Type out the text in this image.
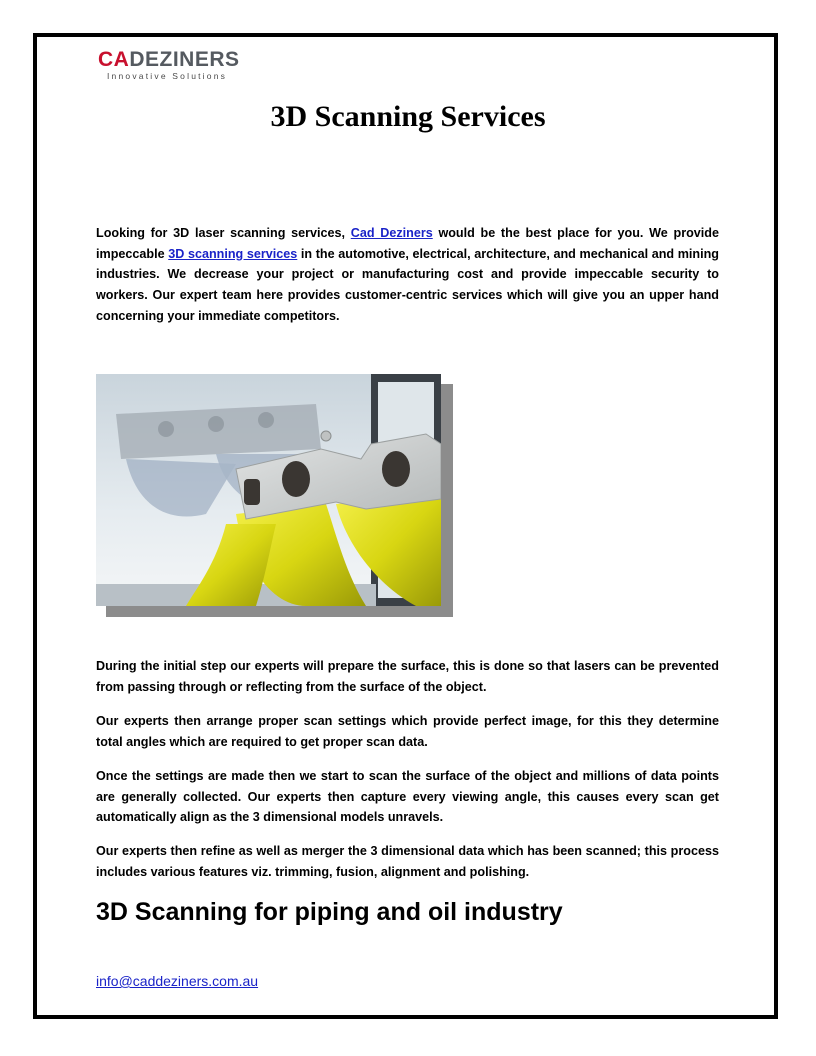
CADEZINERS
Innovative Solutions
3D Scanning Services

Looking for 3D laser scanning services, Cad Deziners would be the best place for you. We provide impeccable 3D scanning services in the automotive, electrical, architecture, and mechanical and mining industries. We decrease your project or manufacturing cost and provide impeccable security to workers. Our expert team here provides customer-centric services which will give you an upper hand concerning your immediate competitors.

During the initial step our experts will prepare the surface, this is done so that lasers can be prevented from passing through or reflecting from the surface of the object.

Our experts then arrange proper scan settings which provide perfect image, for this they determine total angles which are required to get proper scan data.

Once the settings are made then we start to scan the surface of the object and millions of data points are generally collected. Our experts then capture every viewing angle, this causes every scan get automatically align as the 3 dimensional models unravels.

Our experts then refine as well as merger the 3 dimensional data which has been scanned; this process includes various features viz. trimming, fusion, alignment and polishing.

3D Scanning for piping and oil industry
info@caddeziners.com.au
